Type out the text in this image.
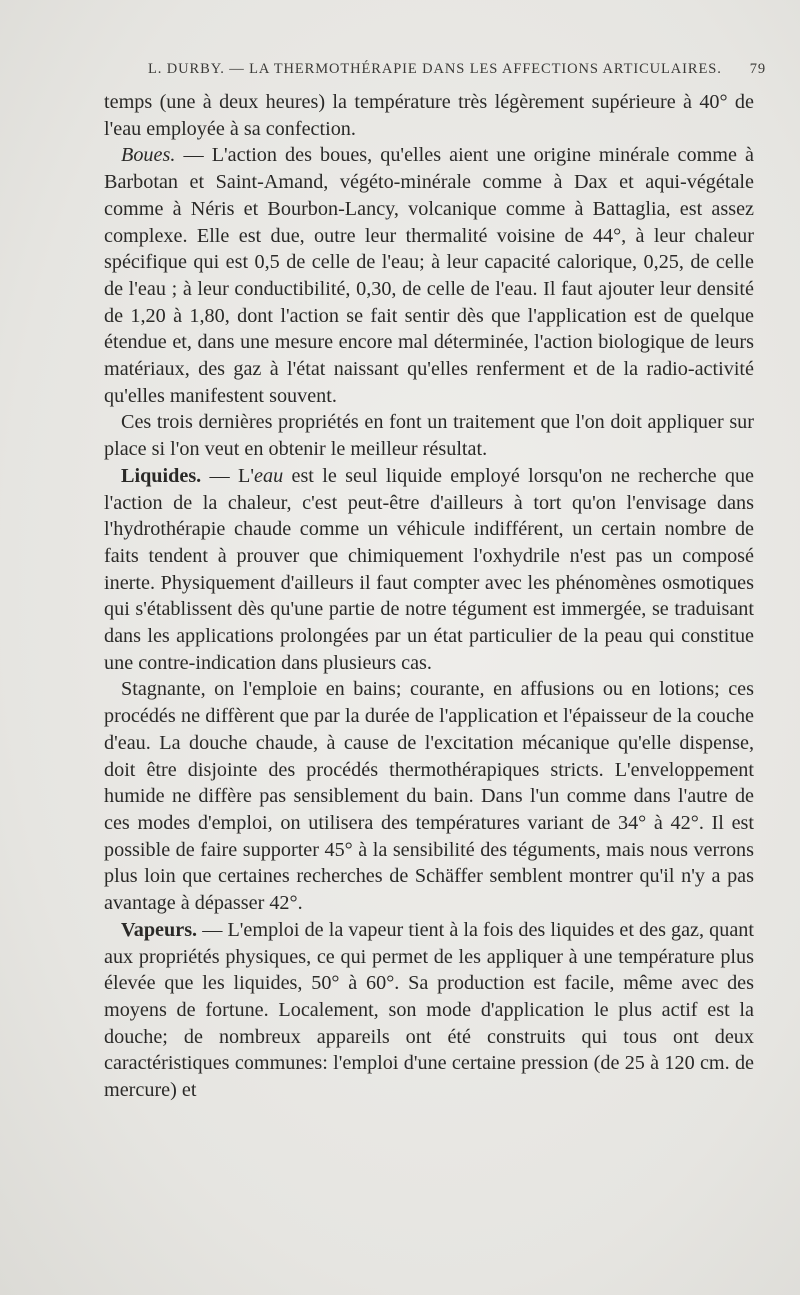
L. DURBY. — LA THERMOTHÉRAPIE DANS LES AFFECTIONS ARTICULAIRES. 79

temps (une à deux heures) la température très légèrement supérieure à 40° de l'eau employée à sa confection.

Boues. — L'action des boues, qu'elles aient une origine minérale comme à Barbotan et Saint-Amand, végéto-minérale comme à Dax et aqui-végétale comme à Néris et Bourbon-Lancy, volcanique comme à Battaglia, est assez complexe. Elle est due, outre leur thermalité voisine de 44°, à leur chaleur spécifique qui est 0,5 de celle de l'eau; à leur capacité calorique, 0,25, de celle de l'eau ; à leur conductibilité, 0,30, de celle de l'eau. Il faut ajouter leur densité de 1,20 à 1,80, dont l'action se fait sentir dès que l'application est de quelque étendue et, dans une mesure encore mal déterminée, l'action biologique de leurs matériaux, des gaz à l'état naissant qu'elles renferment et de la radio-activité qu'elles manifestent souvent.

Ces trois dernières propriétés en font un traitement que l'on doit appliquer sur place si l'on veut en obtenir le meilleur résultat.

Liquides. — L'eau est le seul liquide employé lorsqu'on ne recherche que l'action de la chaleur, c'est peut-être d'ailleurs à tort qu'on l'envisage dans l'hydrothérapie chaude comme un véhicule indifférent, un certain nombre de faits tendent à prouver que chimiquement l'oxhydrile n'est pas un composé inerte. Physiquement d'ailleurs il faut compter avec les phénomènes osmotiques qui s'établissent dès qu'une partie de notre tégument est immergée, se traduisant dans les applications prolongées par un état particulier de la peau qui constitue une contre-indication dans plusieurs cas.

Stagnante, on l'emploie en bains; courante, en affusions ou en lotions; ces procédés ne diffèrent que par la durée de l'application et l'épaisseur de la couche d'eau. La douche chaude, à cause de l'excitation mécanique qu'elle dispense, doit être disjointe des procédés thermothérapiques stricts. L'enveloppement humide ne diffère pas sensiblement du bain. Dans l'un comme dans l'autre de ces modes d'emploi, on utilisera des températures variant de 34° à 42°. Il est possible de faire supporter 45° à la sensibilité des téguments, mais nous verrons plus loin que certaines recherches de Schäffer semblent montrer qu'il n'y a pas avantage à dépasser 42°.

Vapeurs. — L'emploi de la vapeur tient à la fois des liquides et des gaz, quant aux propriétés physiques, ce qui permet de les appliquer à une température plus élevée que les liquides, 50° à 60°. Sa production est facile, même avec des moyens de fortune. Localement, son mode d'application le plus actif est la douche; de nombreux appareils ont été construits qui tous ont deux caractéristiques communes: l'emploi d'une certaine pression (de 25 à 120 cm. de mercure) et
